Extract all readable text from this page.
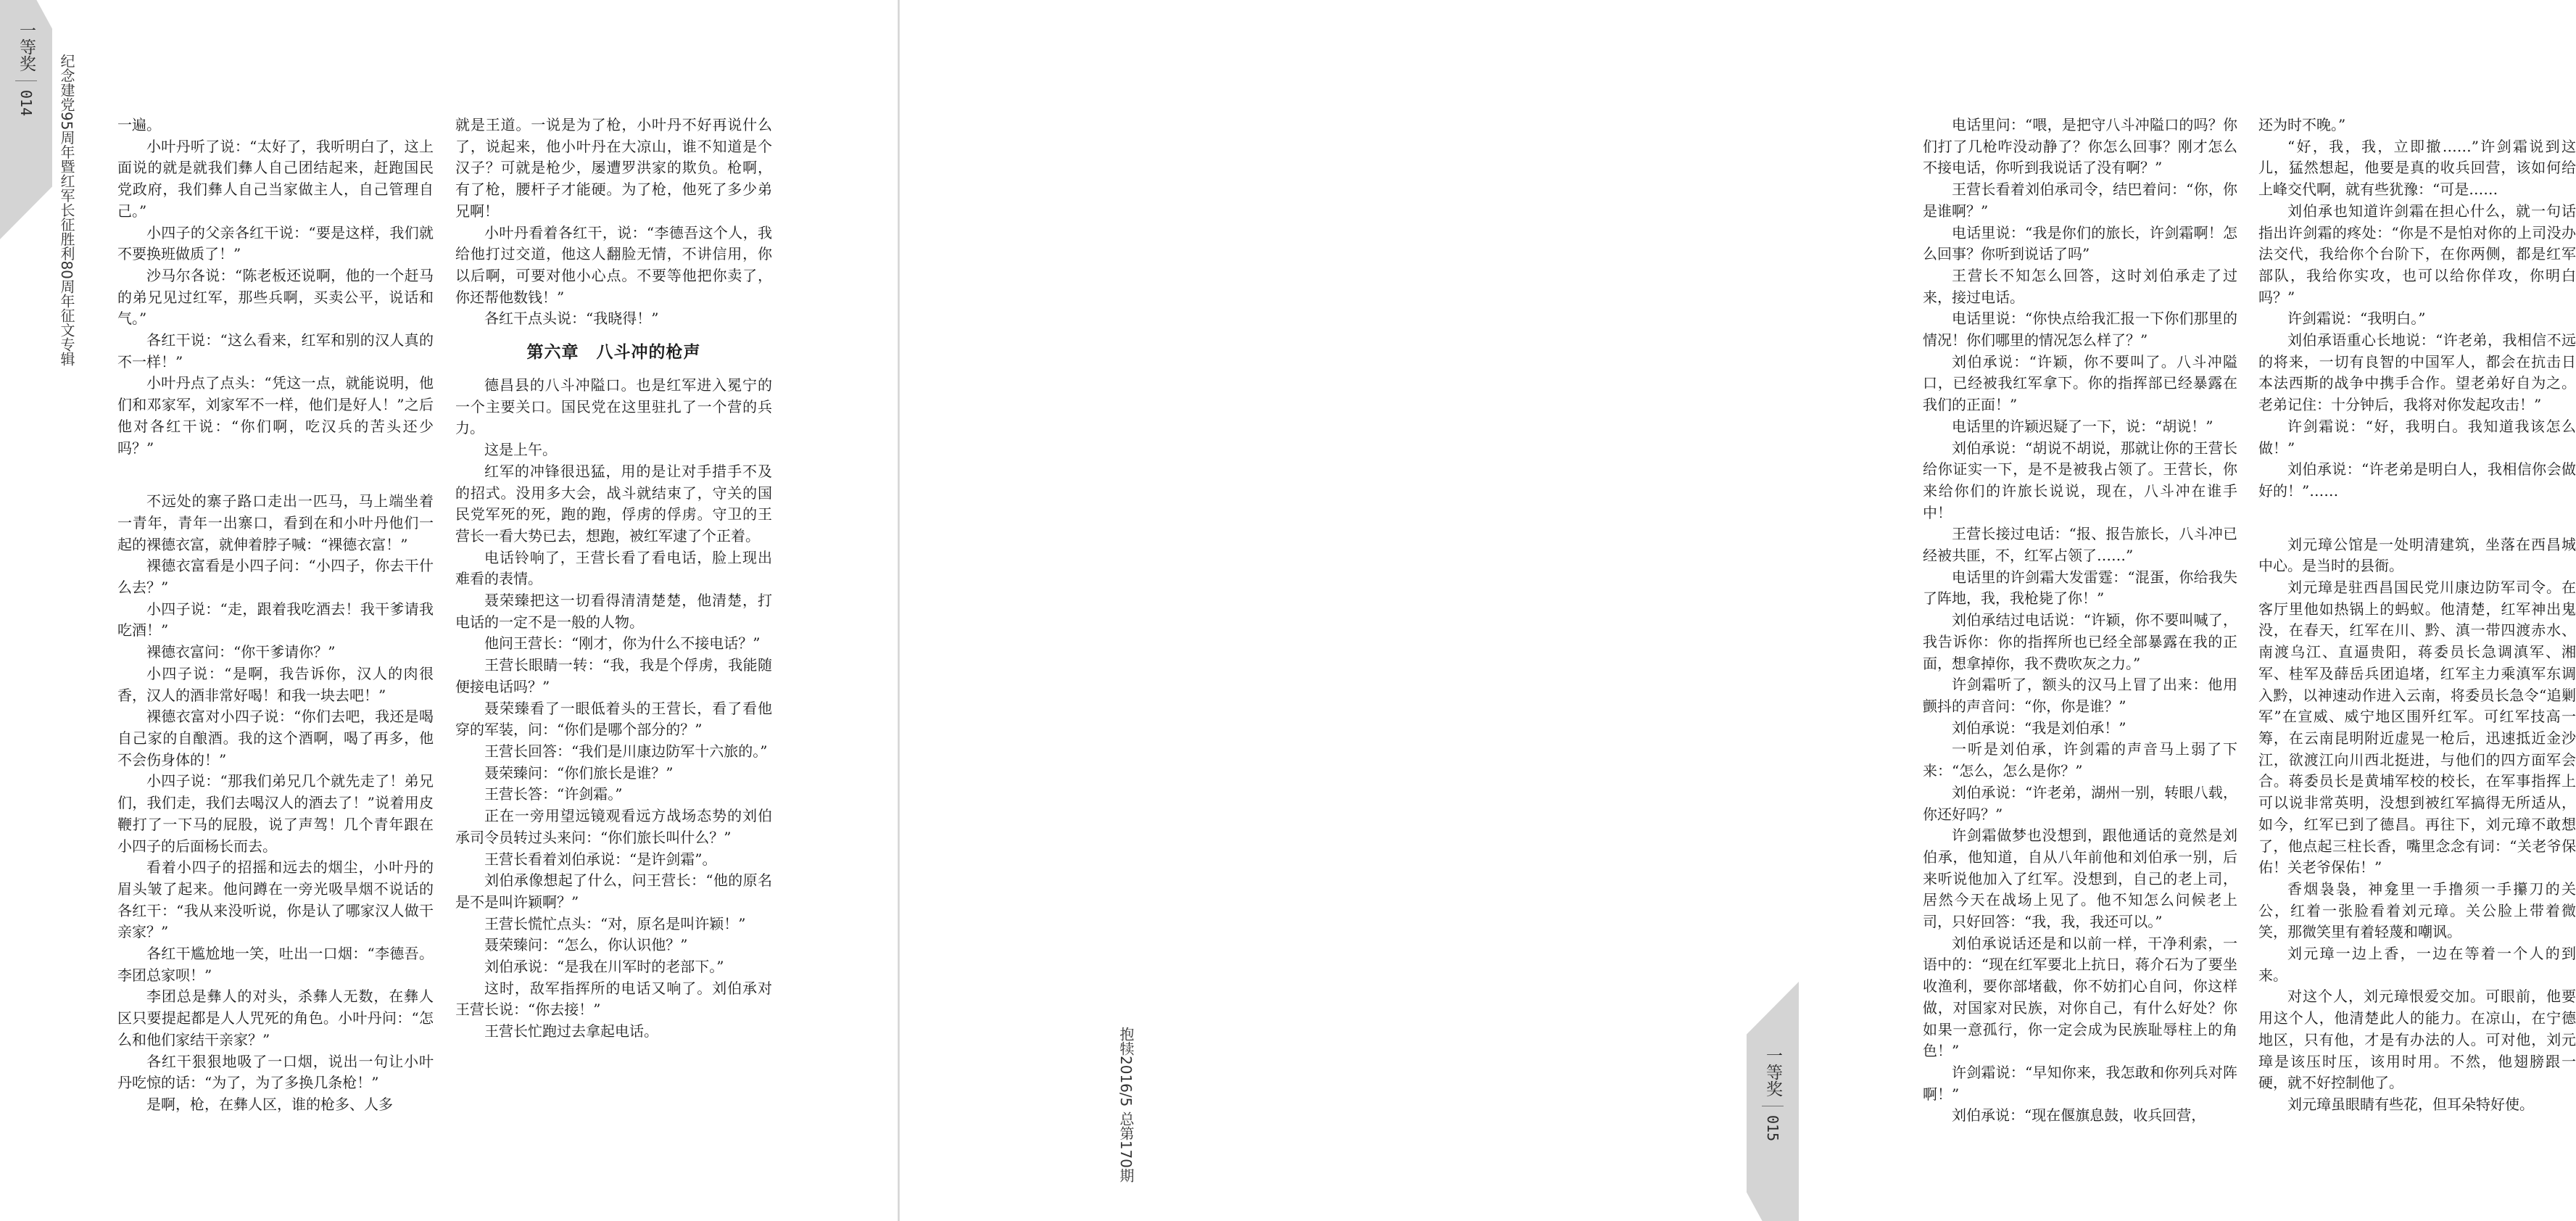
一等奖
014 纪念建党95周年暨红军长征胜利80周年征文专辑	一遍。

小叶丹听了说：“太好了，我听明白了，这上面说的就是就我们彝人自己团结起来，赶跑国民党政府，我们彝人自己当家做主人，自己管理自己。”

小四子的父亲各红干说：“要是这样，我们就不要换班做质了！”

沙马尔各说：“陈老板还说啊，他的一个赶马的弟兄见过红军，那些兵啊，买卖公平，说话和气。”

各红干说：“这么看来，红军和别的汉人真的不一样！”

小叶丹点了点头：“凭这一点，就能说明，他们和邓家军，刘家军不一样，他们是好人！”之后他对各红干说：“你们啊，吃汉兵的苦头还少吗？”

不远处的寨子路口走出一匹马，马上端坐着一青年，青年一出寨口，看到在和小叶丹他们一起的裸德衣富，就伸着脖子喊：“裸德衣富！”

裸德衣富看是小四子问：“小四子，你去干什么去？”

小四子说：“走，跟着我吃酒去！我干爹请我吃酒！”

裸德衣富问：“你干爹请你？”

小四子说：“是啊，我告诉你，汉人的肉很香，汉人的酒非常好喝！和我一块去吧！”

裸德衣富对小四子说：“你们去吧，我还是喝自己家的自酿酒。我的这个酒啊，喝了再多，他不会伤身体的！”

小四子说：“那我们弟兄几个就先走了！弟兄们，我们走，我们去喝汉人的酒去了！”说着用皮鞭打了一下马的屁股，说了声驾！几个青年跟在小四子的后面杨长而去。

看着小四子的招摇和远去的烟尘，小叶丹的眉头皱了起来。他问蹲在一旁光吸旱烟不说话的各红干：“我从来没听说，你是认了哪家汉人做干亲家？”

各红干尴尬地一笑，吐出一口烟：“李德吾。李团总家呗！”

李团总是彝人的对头，杀彝人无数，在彝人区只要提起都是人人咒死的角色。小叶丹问：“怎么和他们家结干亲家？”

各红干狠狠地吸了一口烟，说出一句让小叶丹吃惊的话：“为了，为了多换几条枪！”

是啊，枪，在彝人区，谁的枪多、人多

就是王道。一说是为了枪，小叶丹不好再说什么了，说起来，他小叶丹在大凉山，谁不知道是个汉子？可就是枪少，屡遭罗洪家的欺负。枪啊，有了枪，腰杆子才能硬。为了枪，他死了多少弟兄啊！

小叶丹看着各红干，说：“李德吾这个人，我给他打过交道，他这人翻脸无情，不讲信用，你以后啊，可要对他小心点。不要等他把你卖了，你还帮他数钱！”

各红干点头说：“我晓得！”

第六章　八斗冲的枪声

德昌县的八斗冲隘口。也是红军进入冕宁的一个主要关口。国民党在这里驻扎了一个营的兵力。

这是上午。

红军的冲锋很迅猛，用的是让对手措手不及的招式。没用多大会，战斗就结束了，守关的国民党军死的死，跑的跑，俘虏的俘虏。守卫的王营长一看大势已去，想跑，被红军逮了个正着。

电话铃响了，王营长看了看电话，脸上现出难看的表情。

聂荣臻把这一切看得清清楚楚，他清楚，打电话的一定不是一般的人物。

他问王营长：“刚才，你为什么不接电话？”

王营长眼睛一转：“我，我是个俘虏，我能随便接电话吗？”

聂荣臻看了一眼低着头的王营长，看了看他穿的军装，问：“你们是哪个部分的？”

王营长回答：“我们是川康边防军十六旅的。”

聂荣臻问：“你们旅长是谁？”

王营长答：“许剑霜。”

正在一旁用望远镜观看远方战场态势的刘伯承司令员转过头来问：“你们旅长叫什么？”

王营长看着刘伯承说：“是许剑霜”。

刘伯承像想起了什么，问王营长：“他的原名是不是叫许颖啊？”

王营长慌忙点头：“对，原名是叫许颖！”

聂荣臻问：“怎么，你认识他？”

刘伯承说：“是我在川军时的老部下。”

这时，敌军指挥所的电话又响了。刘伯承对王营长说：“你去接！”

王营长忙跑过去拿起电话。

电话里问：“喂，是把守八斗冲隘口的吗？你们打了几枪咋没动静了？你怎么回事？刚才怎么不接电话，你听到我说话了没有啊？”

王营长看着刘伯承司令，结巴着问：“你，你是谁啊？”

电话里说：“我是你们的旅长，许剑霜啊！怎么回事？你听到说话了吗”

王营长不知怎么回答，这时刘伯承走了过来，接过电话。

电话里说：“你快点给我汇报一下你们那里的情况！你们哪里的情况怎么样了？”

刘伯承说：“许颖，你不要叫了。八斗冲隘口，已经被我红军拿下。你的指挥部已经暴露在我们的正面！”

电话里的许颖迟疑了一下，说：“胡说！”

刘伯承说：“胡说不胡说，那就让你的王营长给你证实一下，是不是被我占领了。王营长，你来给你们的许旅长说说，现在，八斗冲在谁手中！

王营长接过电话：“报、报告旅长，八斗冲已经被共匪，不，红军占领了……”

电话里的许剑霜大发雷霆：“混蛋，你给我失了阵地，我，我枪毙了你！”

刘伯承结过电话说：“许颖，你不要叫喊了，我告诉你：你的指挥所也已经全部暴露在我的正面，想拿掉你，我不费吹灰之力。”

许剑霜听了，额头的汉马上冒了出来：他用颤抖的声音问：“你，你是谁？”

刘伯承说：“我是刘伯承！”

一听是刘伯承，许剑霜的声音马上弱了下来：“怎么，怎么是你？”

刘伯承说：“许老弟，湖州一别，转眼八载，你还好吗？”

许剑霜做梦也没想到，跟他通话的竟然是刘伯承，他知道，自从八年前他和刘伯承一别，后来听说他加入了红军。没想到，自己的老上司，居然今天在战场上见了。他不知怎么问候老上司，只好回答：“我，我，我还可以。”

刘伯承说话还是和以前一样，干净利索，一语中的：“现在红军要北上抗日，蒋介石为了要坐收渔利，要你部堵截，你不妨扪心自问，你这样做，对国家对民族，对你自己，有什么好处？你如果一意孤行，你一定会成为民族耻辱柱上的角色！”

许剑霜说：“早知你来，我怎敢和你列兵对阵啊！”

刘伯承说：“现在偃旗息鼓，收兵回营，

还为时不晚。”

“好，我，我，立即撤……”许剑霜说到这儿，猛然想起，他要是真的收兵回营，该如何给上峰交代啊，就有些犹豫：“可是……

刘伯承也知道许剑霜在担心什么，就一句话指出许剑霜的疼处：“你是不是怕对你的上司没办法交代，我给你个台阶下，在你两侧，都是红军部队，我给你实攻，也可以给你佯攻，你明白吗？”

许剑霜说：“我明白。”

刘伯承语重心长地说：“许老弟，我相信不远的将来，一切有良智的中国军人，都会在抗击日本法西斯的战争中携手合作。望老弟好自为之。老弟记住：十分钟后，我将对你发起攻击！”

许剑霜说：“好，我明白。我知道我该怎么做！”

刘伯承说：“许老弟是明白人，我相信你会做好的！”……

刘元璋公馆是一处明清建筑，坐落在西昌城中心。是当时的县衙。

刘元璋是驻西昌国民党川康边防军司令。在客厅里他如热锅上的蚂蚁。他清楚，红军神出鬼没，在春天，红军在川、黔、滇一带四渡赤水、南渡乌江、直逼贵阳，蒋委员长急调滇军、湘军、桂军及薛岳兵团追堵，红军主力乘滇军东调入黔，以神速动作进入云南，将委员长急令“追剿军”在宣威、威宁地区围歼红军。可红军技高一筹，在云南昆明附近虚晃一枪后，迅速抵近金沙江，欲渡江向川西北挺进，与他们的四方面军会合。蒋委员长是黄埔军校的校长，在军事指挥上可以说非常英明，没想到被红军搞得无所适从，如今，红军已到了德昌。再往下，刘元璋不敢想了，他点起三柱长香，嘴里念念有词：“关老爷保佑！关老爷保佑！”

香烟袅袅，神龛里一手撸须一手攥刀的关公，红着一张脸看着刘元璋。关公脸上带着微笑，那微笑里有着轻蔑和嘲讽。

刘元璋一边上香，一边在等着一个人的到来。

对这个人，刘元璋恨爱交加。可眼前，他要用这个人，他清楚此人的能力。在凉山，在宁德地区，只有他，才是有办法的人。可对他，刘元璋是该压时压，该用时用。不然，他翅膀跟一硬，就不好控制他了。

刘元璋虽眼睛有些花，但耳朵特好使。

抱犊2016/5 总第170期	一等奖
015
